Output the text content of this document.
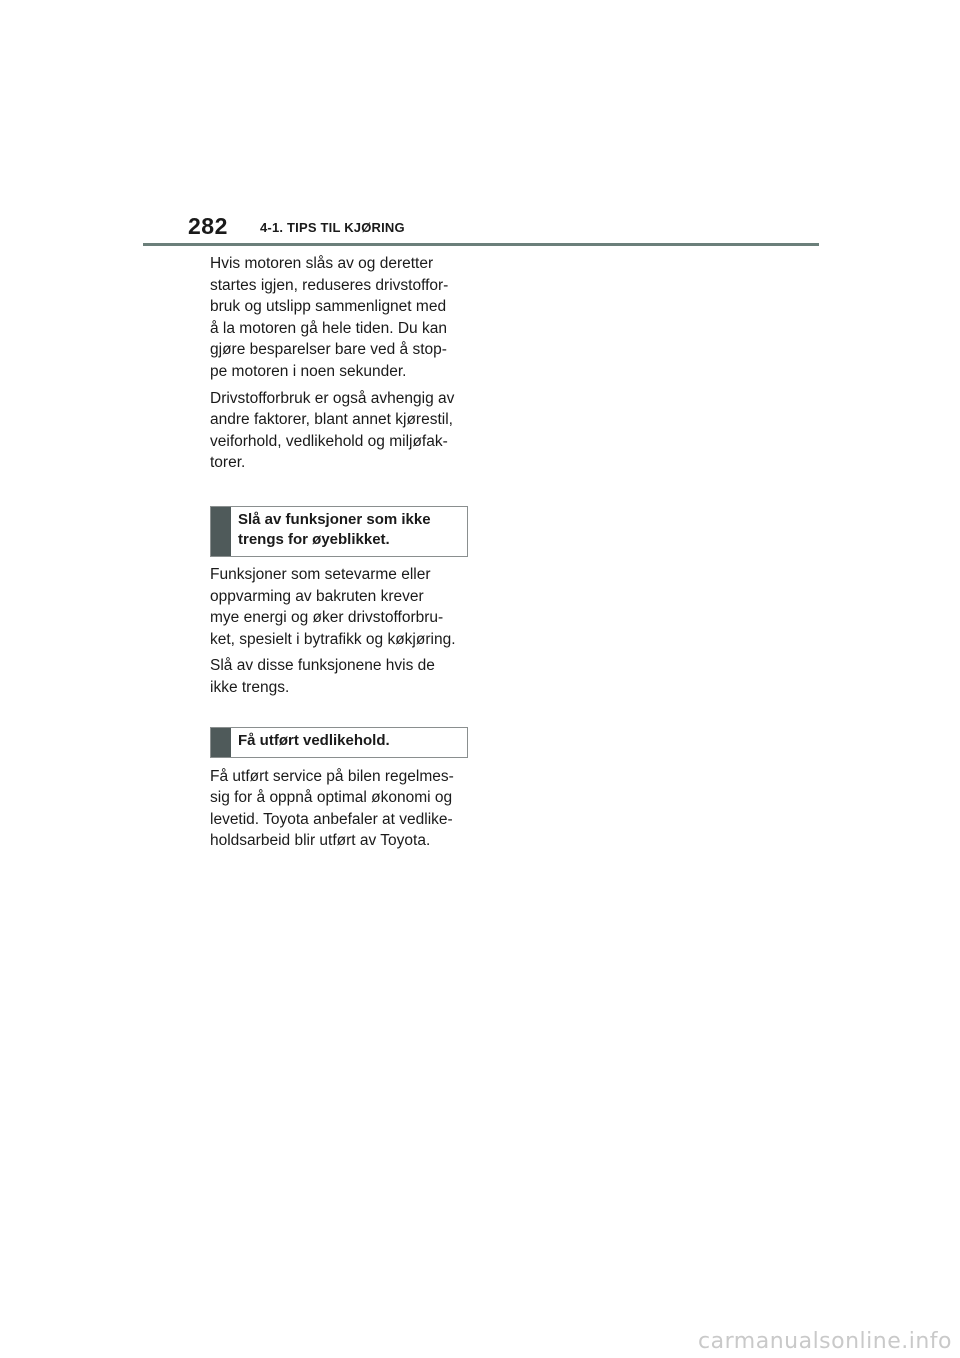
282 4-1. TIPS TIL KJØRING

Hvis motoren slås av og deretter
startes igjen, reduseres drivstoffor-
bruk og utslipp sammenlignet med
å la motoren gå hele tiden. Du kan
gjøre besparelser bare ved å stop-
pe motoren i noen sekunder.

Drivstofforbruk er også avhengig av
andre faktorer, blant annet kjørestil,
veiforhold, vedlikehold og miljøfak-
torer.

Slå av funksjoner som ikke
trengs for øyeblikket.

Funksjoner som setevarme eller
oppvarming av bakruten krever
mye energi og øker drivstofforbru-
ket, spesielt i bytrafikk og køkjøring.

Slå av disse funksjonene hvis de
ikke trengs.

Få utført vedlikehold.

Få utført service på bilen regelmes-
sig for å oppnå optimal økonomi og
levetid. Toyota anbefaler at vedlike-
holdsarbeid blir utført av Toyota.

carmanualsonline.info
